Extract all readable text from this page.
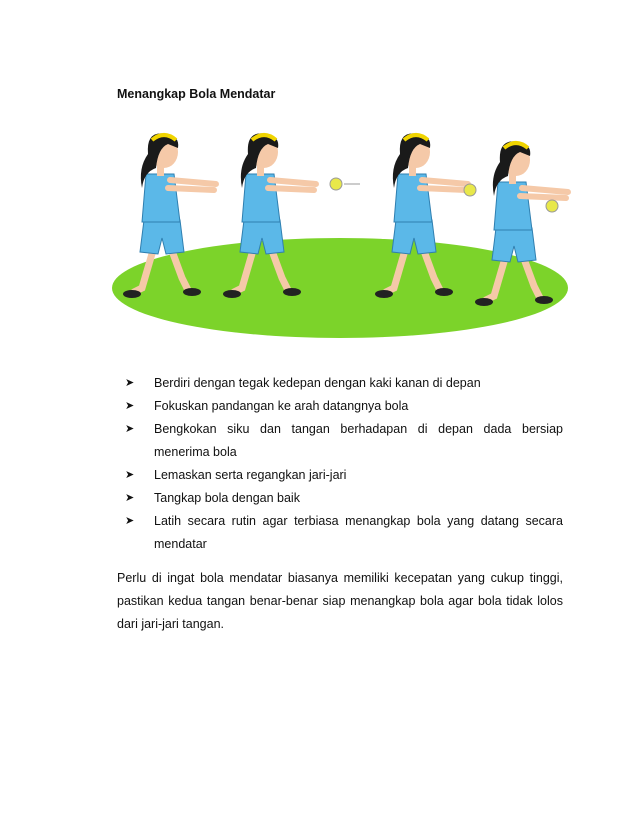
Menangkap Bola Mendatar
➤	Berdiri dengan tegak kedepan dengan kaki kanan di depan
➤	Fokuskan pandangan ke arah datangnya bola
➤	Bengkokan siku dan tangan berhadapan di depan dada bersiap menerima bola
➤	Lemaskan serta regangkan jari-jari
➤	Tangkap bola dengan baik
➤	Latih secara rutin agar terbiasa menangkap bola yang datang secara mendatar

Perlu di ingat bola mendatar biasanya memiliki kecepatan yang cukup tinggi, pastikan kedua tangan benar-benar siap menangkap bola agar bola tidak lolos dari jari-jari tangan.
